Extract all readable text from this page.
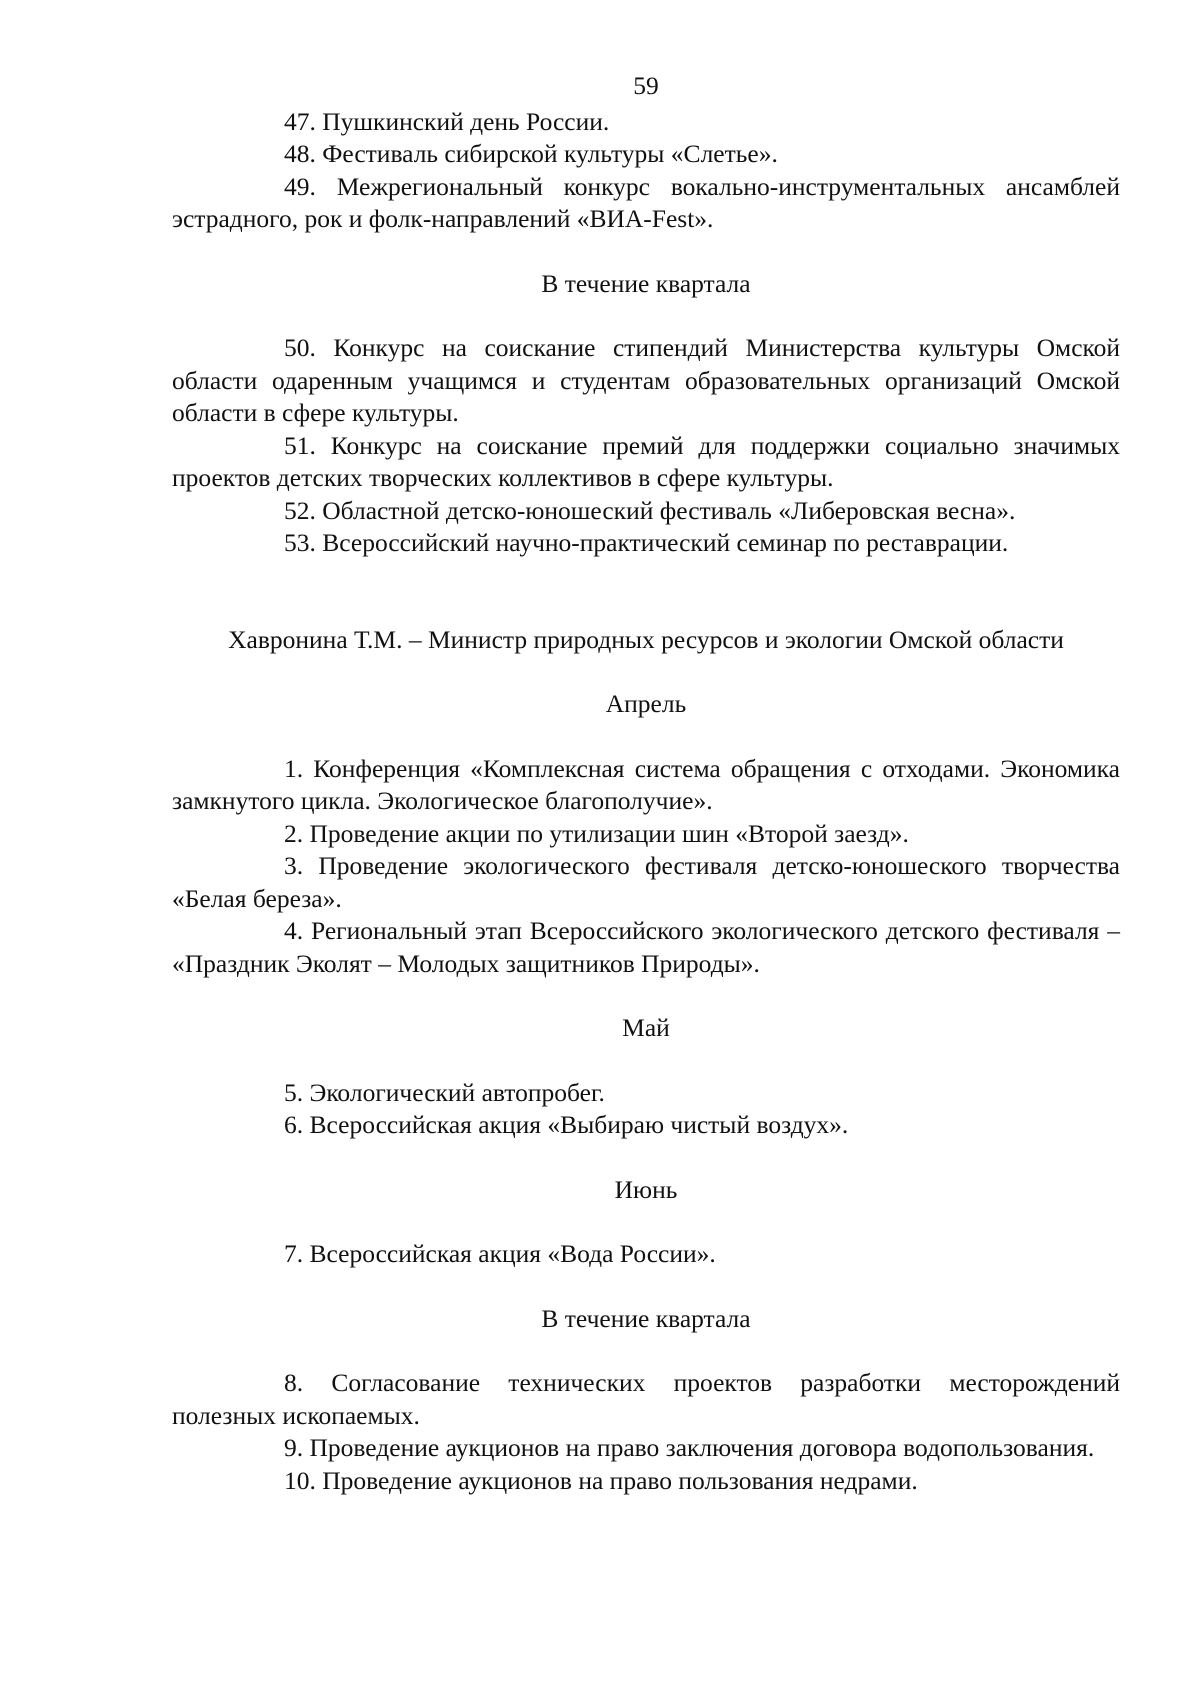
59

47. Пушкинский день России.

48. Фестиваль сибирской культуры «Слетье».

49. Межрегиональный конкурс вокально-инструментальных ансамблей эстрадного, рок и фолк-направлений «ВИА-Fest».

В течение квартала

50. Конкурс на соискание стипендий Министерства культуры Омской области одаренным учащимся и студентам образовательных организаций Омской области в сфере культуры.

51. Конкурс на соискание премий для поддержки социально значимых проектов детских творческих коллективов в сфере культуры.

52. Областной детско-юношеский фестиваль «Либеровская весна».

53. Всероссийский научно-практический семинар по реставрации.

Хавронина Т.М. – Министр природных ресурсов и экологии Омской области

Апрель

1. Конференция «Комплексная система обращения с отходами. Экономика замкнутого цикла. Экологическое благополучие».

2. Проведение акции по утилизации шин «Второй заезд».

3. Проведение экологического фестиваля детско-юношеского творчества «Белая береза».

4. Региональный этап Всероссийского экологического детского фестиваля – «Праздник Эколят – Молодых защитников Природы».

Май

5. Экологический автопробег.

6. Всероссийская акция «Выбираю чистый воздух».

Июнь

7. Всероссийская акция «Вода России».

В течение квартала

8. Согласование технических проектов разработки месторождений полезных ископаемых.

9. Проведение аукционов на право заключения договора водопользования.

10. Проведение аукционов на право пользования недрами.
